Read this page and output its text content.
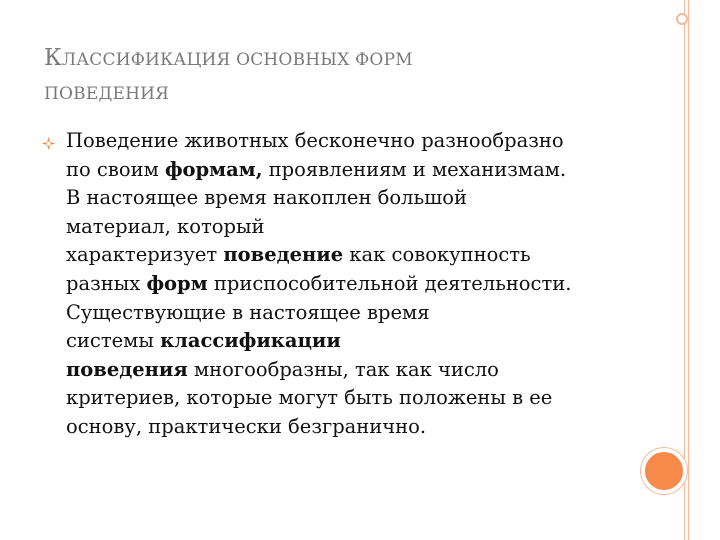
КЛАССИФИКАЦИЯ ОСНОВНЫХ ФОРМ
ПОВЕДЕНИЯ

Поведение животных бесконечно разнообразно
по своим формам, проявлениям и механизмам.
В настоящее время накоплен большой
материал, который
характеризует поведение как совокупность
разных форм приспособительной деятельности.
Существующие в настоящее время
системы классификации
поведения многообразны, так как число
критериев, которые могут быть положены в ее
основу, практически безгранично.
